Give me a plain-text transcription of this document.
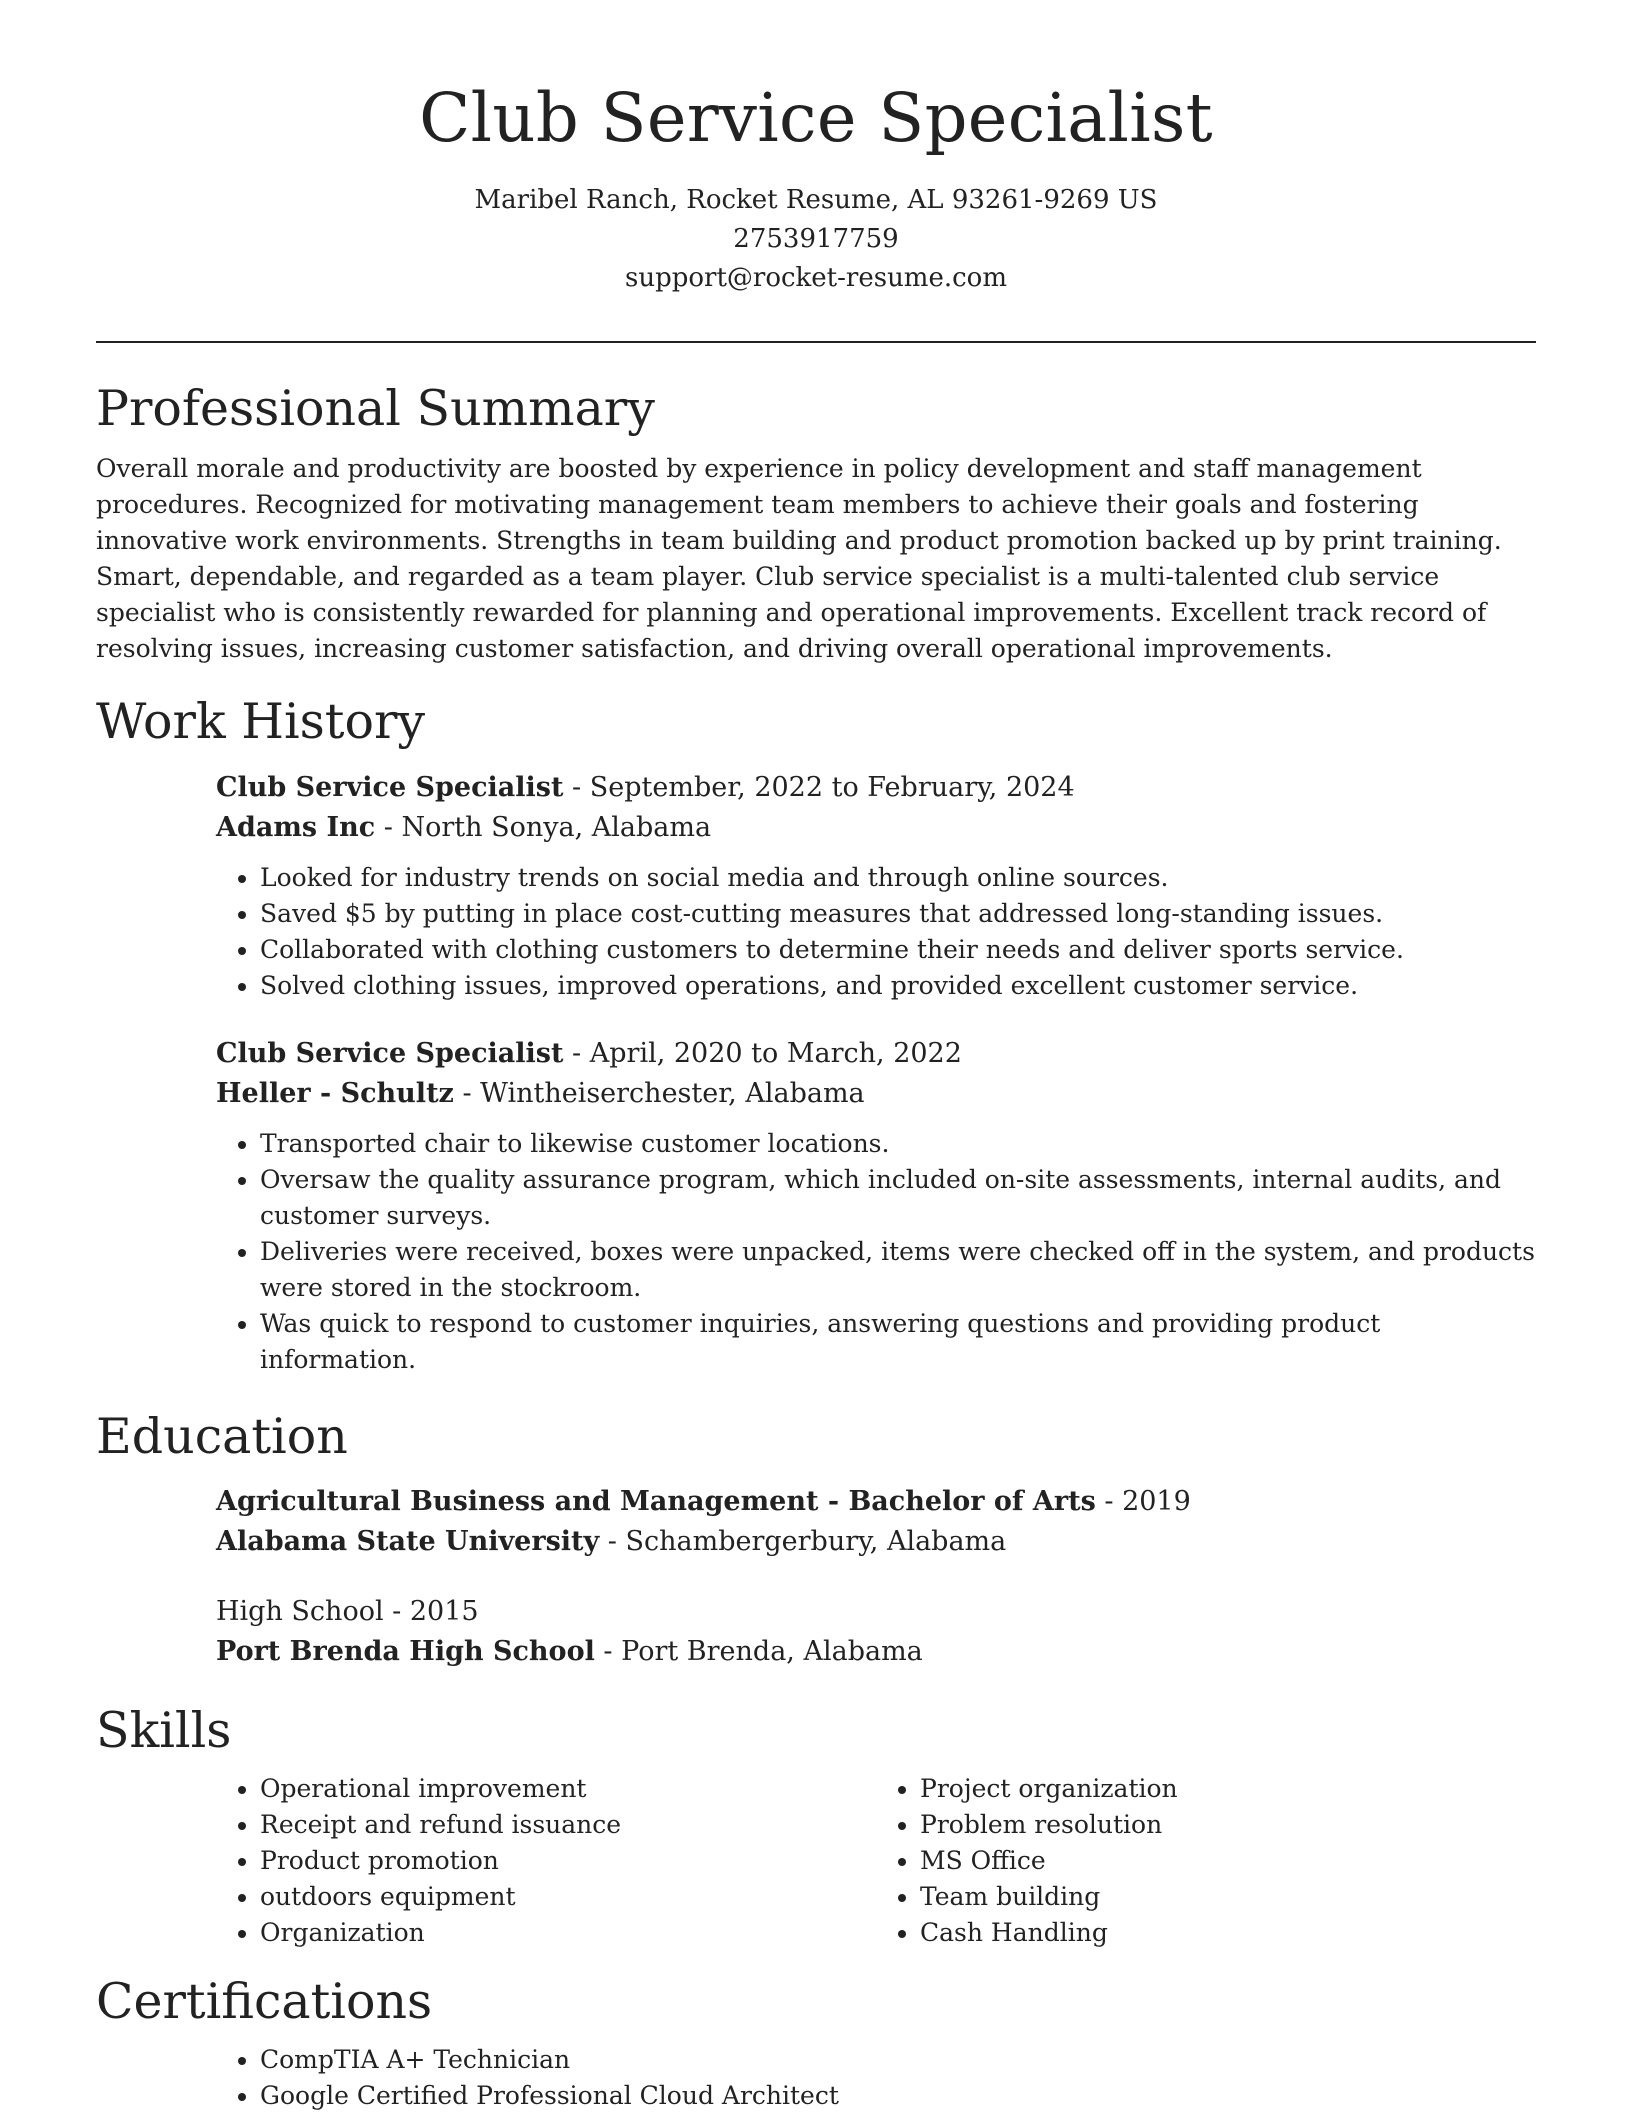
Club Service Specialist
Maribel Ranch, Rocket Resume, AL 93261-9269 US
2753917759
support@rocket-resume.com
Professional Summary
Overall morale and productivity are boosted by experience in policy development and staff management procedures. Recognized for motivating management team members to achieve their goals and fostering innovative work environments. Strengths in team building and product promotion backed up by print training. Smart, dependable, and regarded as a team player. Club service specialist is a multi-talented club service specialist who is consistently rewarded for planning and operational improvements. Excellent track record of resolving issues, increasing customer satisfaction, and driving overall operational improvements.
Work History
Club Service Specialist - September, 2022 to February, 2024
Adams Inc - North Sonya, Alabama
• Looked for industry trends on social media and through online sources.
• Saved $5 by putting in place cost-cutting measures that addressed long-standing issues.
• Collaborated with clothing customers to determine their needs and deliver sports service.
• Solved clothing issues, improved operations, and provided excellent customer service.
Club Service Specialist - April, 2020 to March, 2022
Heller - Schultz - Wintheiserchester, Alabama
• Transported chair to likewise customer locations.
• Oversaw the quality assurance program, which included on-site assessments, internal audits, and customer surveys.
• Deliveries were received, boxes were unpacked, items were checked off in the system, and products were stored in the stockroom.
• Was quick to respond to customer inquiries, answering questions and providing product information.
Education
Agricultural Business and Management - Bachelor of Arts - 2019
Alabama State University - Schambergerbury, Alabama
High School - 2015
Port Brenda High School - Port Brenda, Alabama
Skills
• Operational improvement
• Receipt and refund issuance
• Product promotion
• outdoors equipment
• Organization
• Project organization
• Problem resolution
• MS Office
• Team building
• Cash Handling
Certifications
• CompTIA A+ Technician
• Google Certified Professional Cloud Architect
